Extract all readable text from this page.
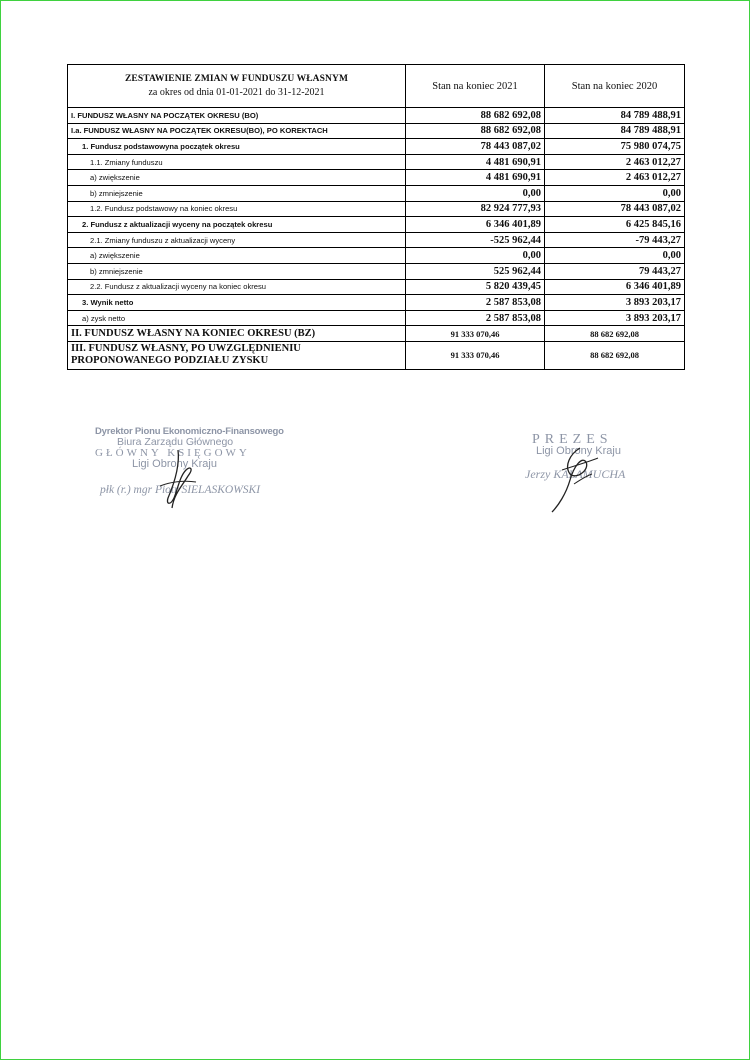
ZESTAWIENIE ZMIAN W FUNDUSZU WŁASNYM
za okres od dnia 01-01-2021 do 31-12-2021	Stan na koniec 2021	Stan na koniec 2020
I. FUNDUSZ WŁASNY NA POCZĄTEK OKRESU (BO)	88 682 692,08	84 789 488,91
I.a. FUNDUSZ WŁASNY NA POCZĄTEK OKRESU(BO), PO KOREKTACH	88 682 692,08	84 789 488,91
1. Fundusz podstawowyna początek okresu	78 443 087,02	75 980 074,75
1.1. Zmiany funduszu	4 481 690,91	2 463 012,27
a) zwiększenie	4 481 690,91	2 463 012,27
b) zmniejszenie	0,00	0,00
1.2. Fundusz podstawowy na koniec okresu	82 924 777,93	78 443 087,02
2. Fundusz z aktualizacji wyceny na początek okresu	6 346 401,89	6 425 845,16
2.1. Zmiany funduszu z aktualizacji wyceny	-525 962,44	-79 443,27
a) zwiększenie	0,00	0,00
b) zmniejszenie	525 962,44	79 443,27
2.2. Fundusz z aktualizacji wyceny na koniec okresu	5 820 439,45	6 346 401,89
3. Wynik netto	2 587 853,08	3 893 203,17
a) zysk netto	2 587 853,08	3 893 203,17
II. FUNDUSZ WŁASNY NA KONIEC OKRESU (BZ)	91 333 070,46	88 682 692,08
III. FUNDUSZ WŁASNY, PO UWZGLĘDNIENIU PROPONOWANEGO PODZIAŁU ZYSKU	91 333 070,46	88 682 692,08
Dyrektor Pionu Ekonomiczno-Finansowego
Biura Zarządu Głównego
GŁÓWNY KSIĘGOWY
Ligi Obrony Kraju
płk (r.) mgr Piotr SIELASKOWSKI
PREZES
Ligi Obrony Kraju
Jerzy KALAMUCHA
